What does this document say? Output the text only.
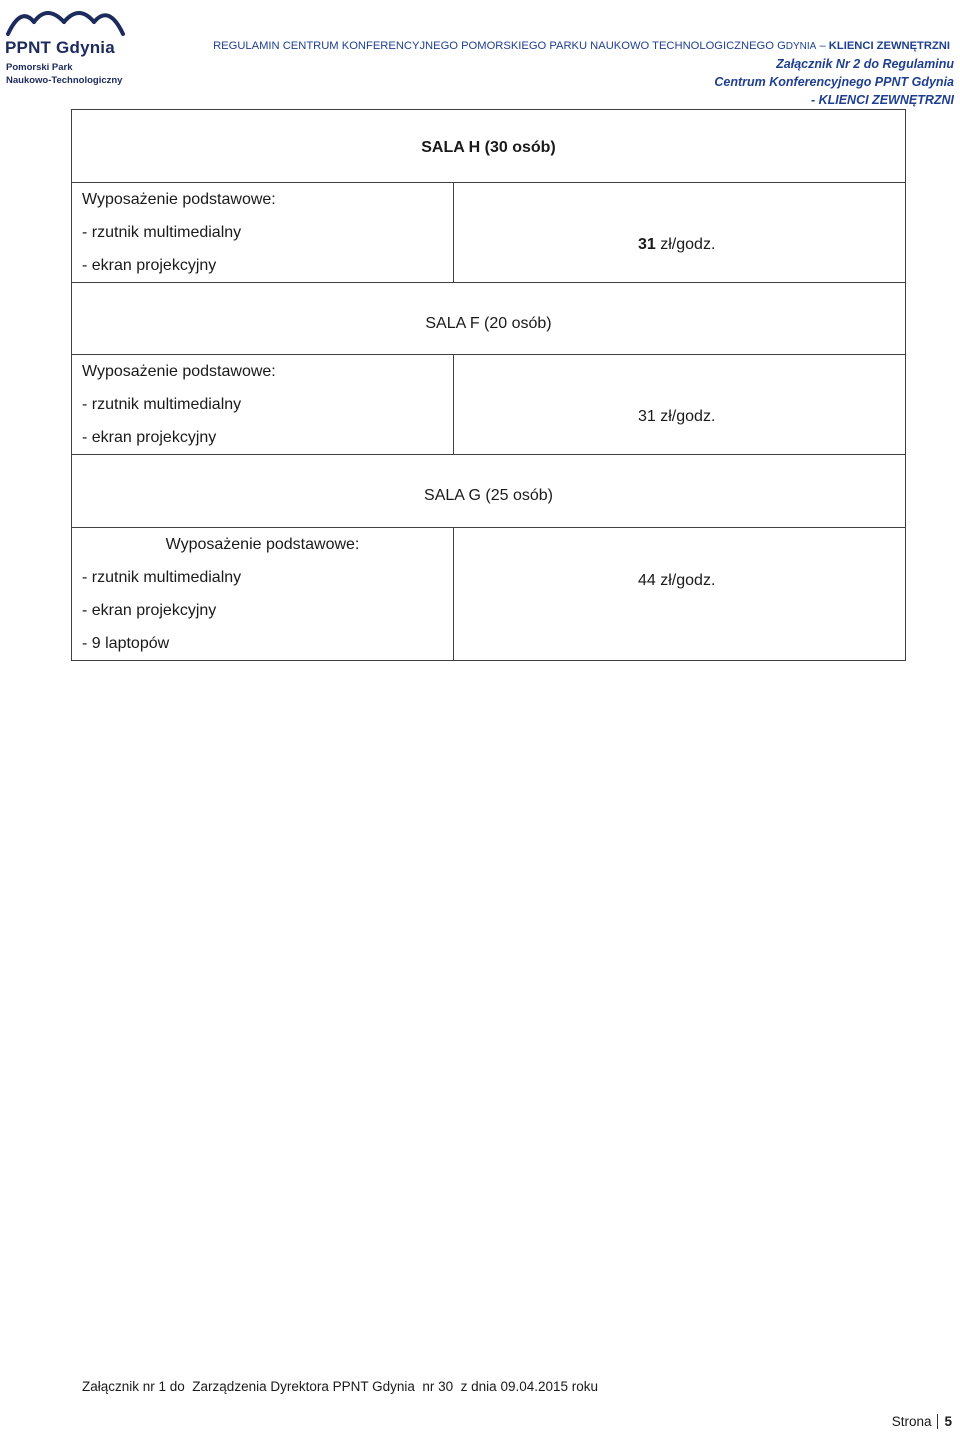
PPNT Gdynia
Pomorski Park
Naukowo-Technologiczny
REGULAMIN CENTRUM KONFERENCYJNEGO POMORSKIEGO PARKU NAUKOWO TECHNOLOGICZNEGO GDYNIA – KLIENCI ZEWNĘTRZNI
Załącznik Nr 2 do Regulaminu
Centrum Konferencyjnego PPNT Gdynia
- KLIENCI ZEWNĘTRZNI
SALA H (30 osób)	

Wyposażenie podstawowe:
- rzutnik multimedialny
- ekran projekcyjny	31 zł/godz.
SALA F (20 osób)	

Wyposażenie podstawowe:
- rzutnik multimedialny
- ekran projekcyjny	31 zł/godz.
SALA G (25 osób)	

Wyposażenie podstawowe:
- rzutnik multimedialny
- ekran projekcyjny
- 9 laptopów	44 zł/godz.
Załącznik nr 1 do  Zarządzenia Dyrektora PPNT Gdynia  nr 30  z dnia 09.04.2015 roku
Strona 5
